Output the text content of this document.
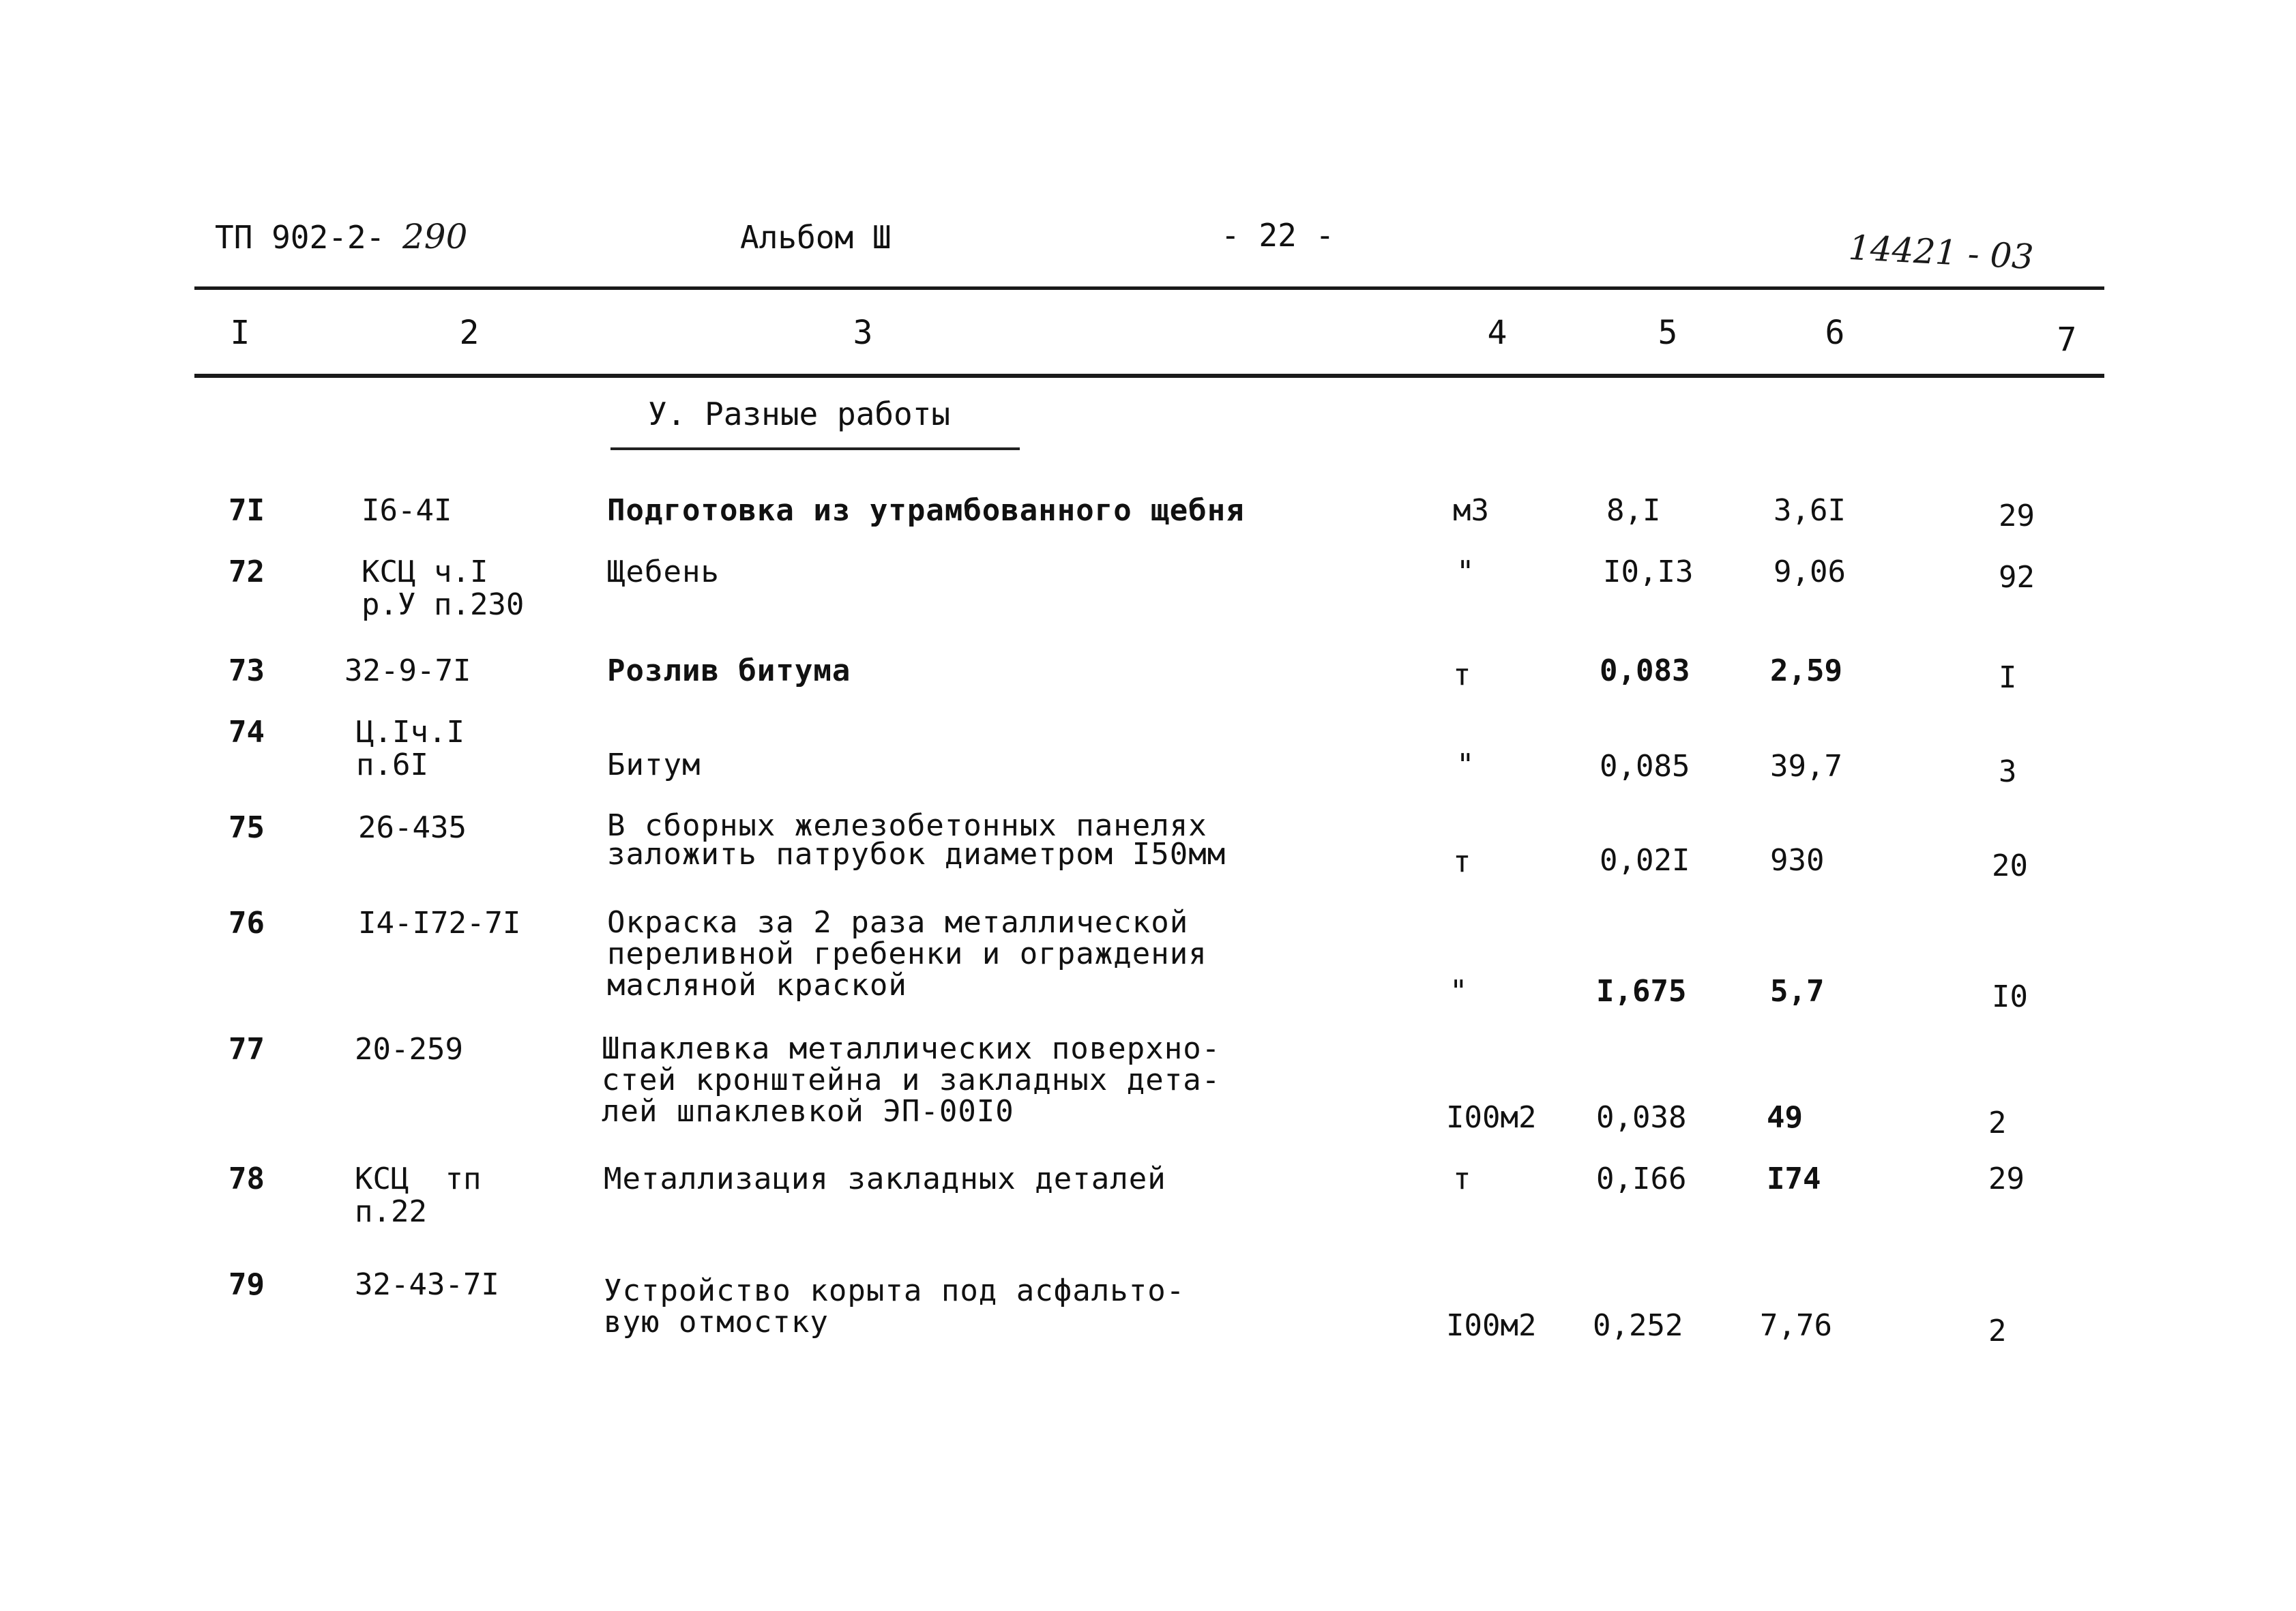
ТП 902-2- 290	Альбом Ш	- 22 -	14421 - 03
I	2	3	4	5	6	7
У. Разные работы
7I	I6-4I	Подготовка из утрамбованного щебня	м3	8,I	3,6I	29
72	КСЦ ч.I
р.У п.230
Щебень	"	I0,I3	9,06	92
73	32-9-7I	Розлив битума	т	0,083	2,59	I
74	Ц.Iч.I
п.6I	
Битум	"	0,085	39,7	3
75	26-435	В сборных железобетонных панелях
заложить патрубок диаметром I50мм	т	0,02I	930	20
76	I4-I72-7I	Окраска за 2 раза металлической
переливной гребенки и ограждения
масляной краской	"	I,675	5,7	I0
77	20-259	Шпаклевка металлических поверхно-
стей кронштейна и закладных дета-
лей шпаклевкой ЭП-00I0	I00м2 0,038	49	2
78	КСЦ  тп
п.22
Металлизация закладных деталей	т	0,I66	I74	29
79	32-43-7I	Устройство корыта под асфальто-
вую отмостку	I00м2 0,252	7,76	2
